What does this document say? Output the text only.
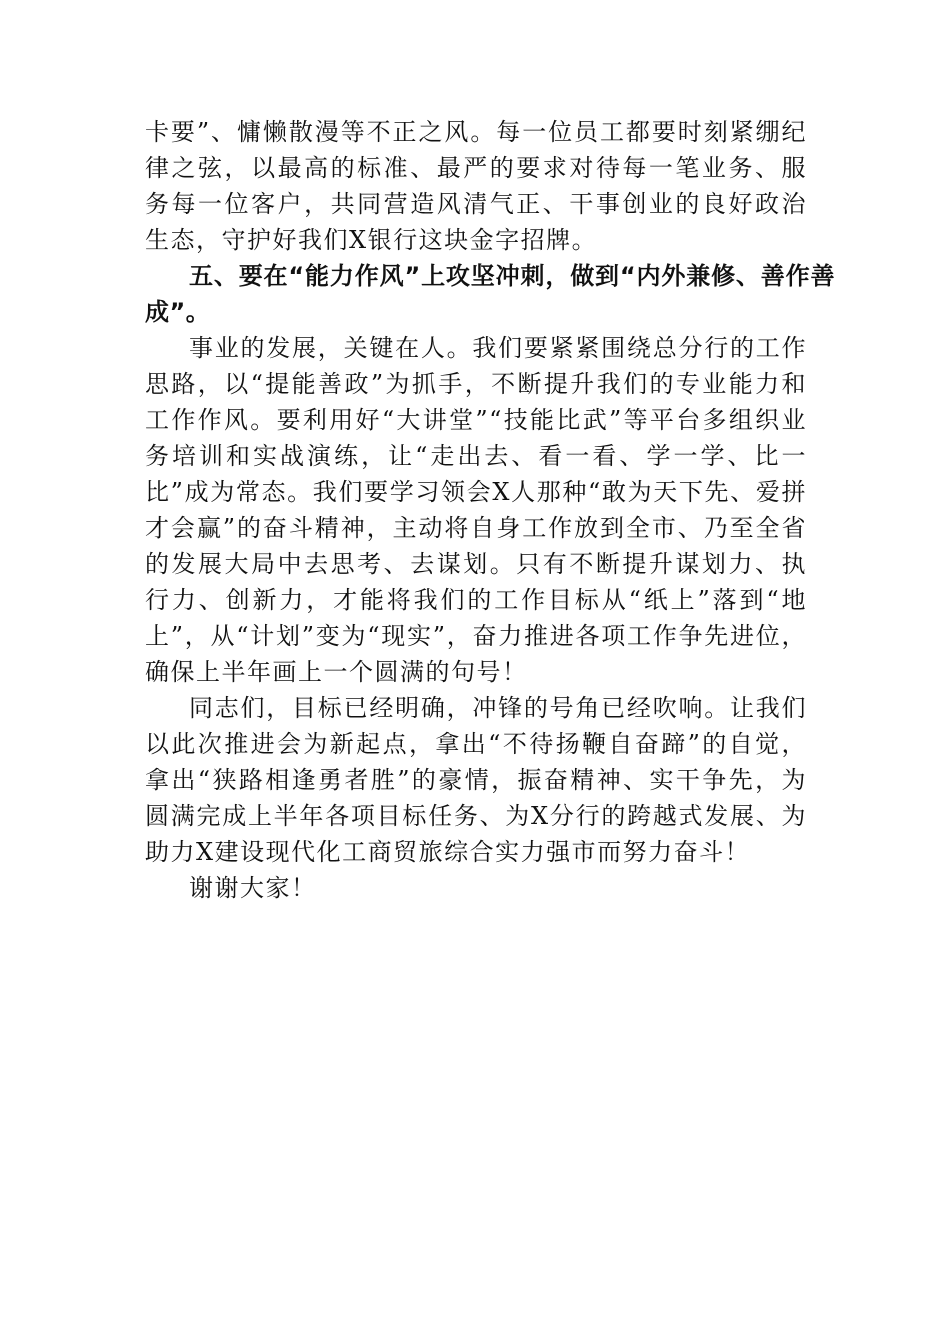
卡要”、慵懒散漫等不正之风。每一位员工都要时刻紧绷纪律之弦，以最高的标准、最严的要求对待每一笔业务、服务每一位客户，共同营造风清气正、干事创业的良好政治生态，守护好我们X银行这块金字招牌。

五、要在“能力作风”上攻坚冲刺，做到“内外兼修、善作善成”。

事业的发展，关键在人。我们要紧紧围绕总分行的工作思路，以“提能善政”为抓手，不断提升我们的专业能力和工作作风。要利用好“大讲堂”“技能比武”等平台多组织业务培训和实战演练，让“走出去、看一看、学一学、比一比”成为常态。我们要学习领会X人那种“敢为天下先、爱拼才会赢”的奋斗精神，主动将自身工作放到全市、乃至全省的发展大局中去思考、去谋划。只有不断提升谋划力、执行力、创新力，才能将我们的工作目标从“纸上”落到“地上”，从“计划”变为“现实”，奋力推进各项工作争先进位，确保上半年画上一个圆满的句号！

同志们，目标已经明确，冲锋的号角已经吹响。让我们以此次推进会为新起点，拿出“不待扬鞭自奋蹄”的自觉，拿出“狭路相逢勇者胜”的豪情，振奋精神、实干争先，为圆满完成上半年各项目标任务、为X分行的跨越式发展、为助力X建设现代化工商贸旅综合实力强市而努力奋斗！

谢谢大家！
